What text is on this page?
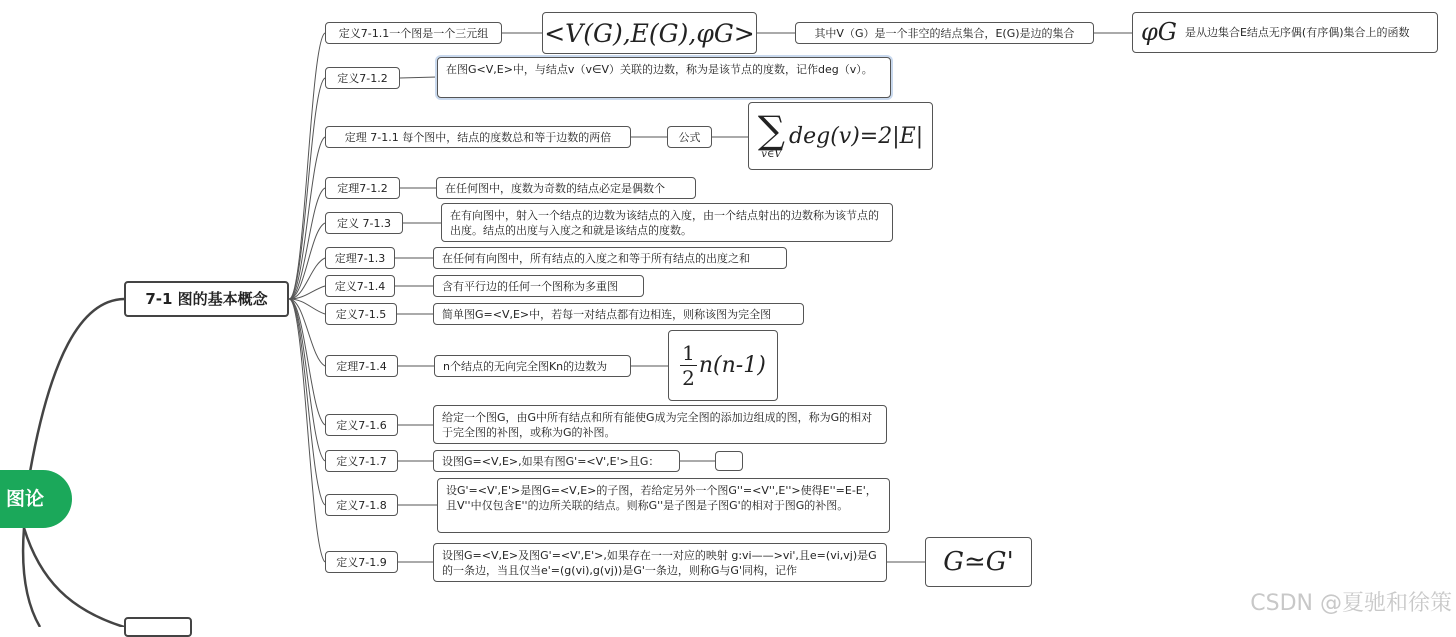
图论
7-1 图的基本概念
定义7-1.1一个图是一个三元组	<V(G),E(G),φG>	其中V（G）是一个非空的结点集合，E(G)是边的集合	φG 是从边集合E结点无序偶(有序偶)集合上的函数
定义7-1.2
在图G<V,E>中，与结点v（v∈V）关联的边数，称为是该节点的度数，记作deg（v）。
定理 7-1.1 每个图中，结点的度数总和等于边数的两倍	公式	∑
v∈V
deg(v)=2|E|
定理7-1.2	在任何图中，度数为奇数的结点必定是偶数个
定义 7-1.3
在有向图中，射入一个结点的边数为该结点的入度，由一个结点射出的边数称为该节点的出度。结点的出度与入度之和就是该结点的度数。
定理7-1.3	在任何有向图中，所有结点的入度之和等于所有结点的出度之和
定义7-1.4	含有平行边的任何一个图称为多重图
定义7-1.5	简单图G=<V,E>中，若每一对结点都有边相连，则称该图为完全图
定理7-1.4	n个结点的无向完全图Kn的边数为	$\frac{1}{2} n(n-1)$
定义7-1.6
给定一个图G，由G中所有结点和所有能使G成为完全图的添加边组成的图，称为G的相对于完全图的补图，或称为G的补图。
定义7-1.7	设图G=<V,E>,如果有图G'=<V',E'>且G：
定义7-1.8
设G'=<V',E'>是图G=<V,E>的子图，若给定另外一个图G''=<V'',E''>使得E''=E-E'，且V''中仅包含E''的边所关联的结点。则称G''是子图是子图G'的相对于图G的补图。
定义7-1.9
设图G=<V,E>及图G'=<V',E'>,如果存在一一对应的映射 g:vi——>vi',且e=(vi,vj)是G的一条边，当且仅当e'=(g(vi),g(vj))是G'一条边，则称G与G'同构，记作	G≃G'
CSDN @夏驰和徐策
